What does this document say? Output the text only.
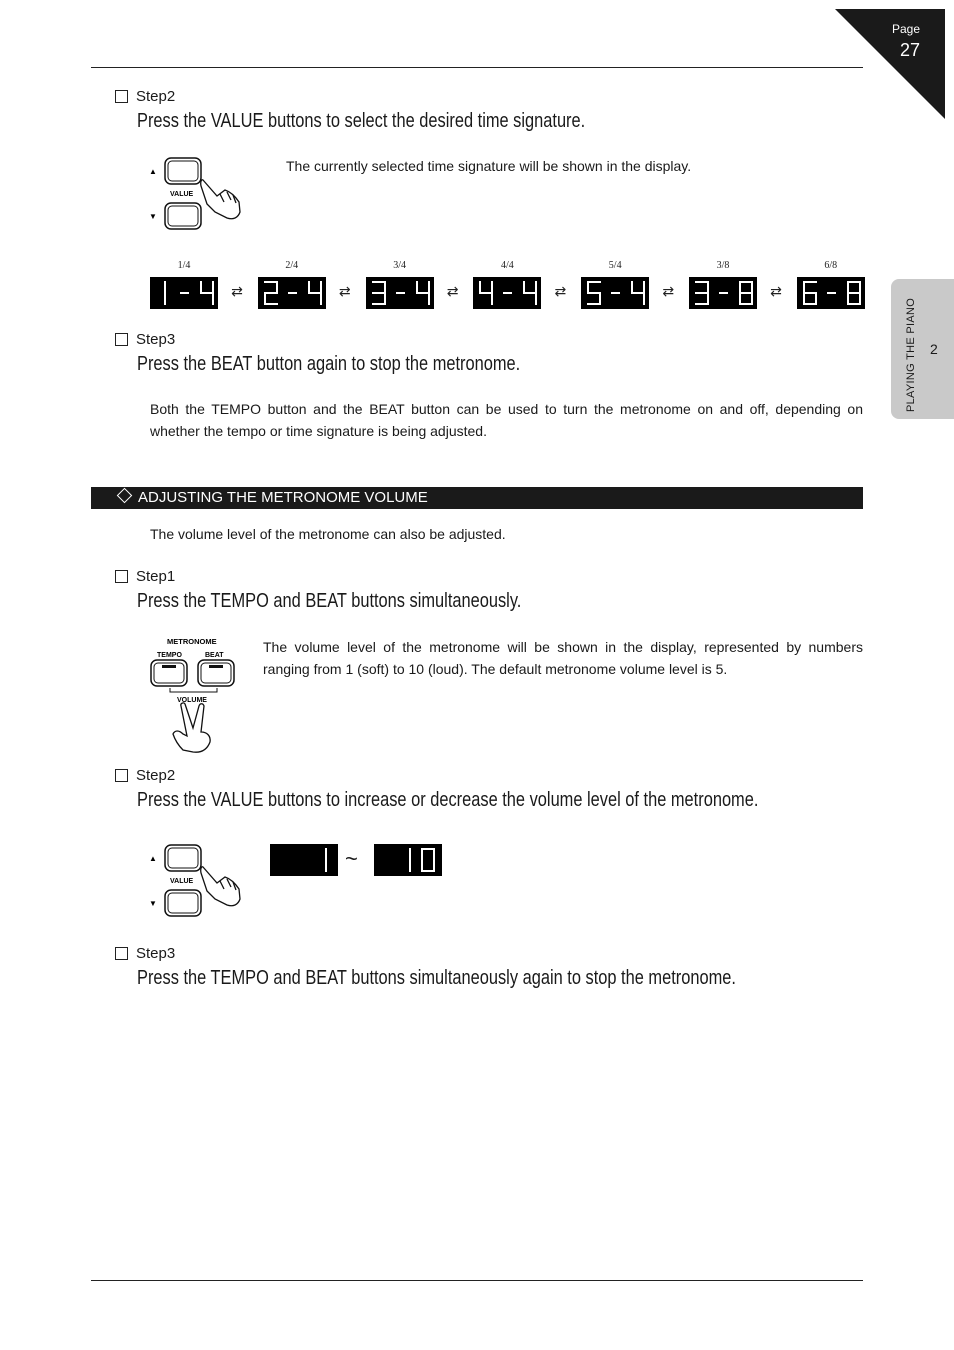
Page
27
PLAYING THE PIANO 2
Step2
Press the VALUE buttons to select the desired time signature.
▲
VALUE
▼
The currently selected time signature will be shown in the display.
1/4
⇄
2/4
⇄
3/4
⇄
4/4
⇄
5/4
⇄
3/8
⇄
6/8
Step3
Press the BEAT button again to stop the metronome.
Both the TEMPO button and the BEAT button can be used to turn the metronome on and off, depending on whether the tempo or time signature is being adjusted.
ADJUSTING THE METRONOME VOLUME
The volume level of the metronome can also be adjusted.
Step1
Press the TEMPO and BEAT buttons simultaneously.
METRONOME
TEMPO	BEAT
VOLUME
The volume level of the metronome will be shown in the display, represented by numbers ranging from 1 (soft) to 10 (loud). The default metronome volume level is 5.
Step2
Press the VALUE buttons to increase or decrease the volume level of the metronome.
▲
VALUE
▼
~
Step3
Press the TEMPO and BEAT buttons simultaneously again to stop the metronome.
